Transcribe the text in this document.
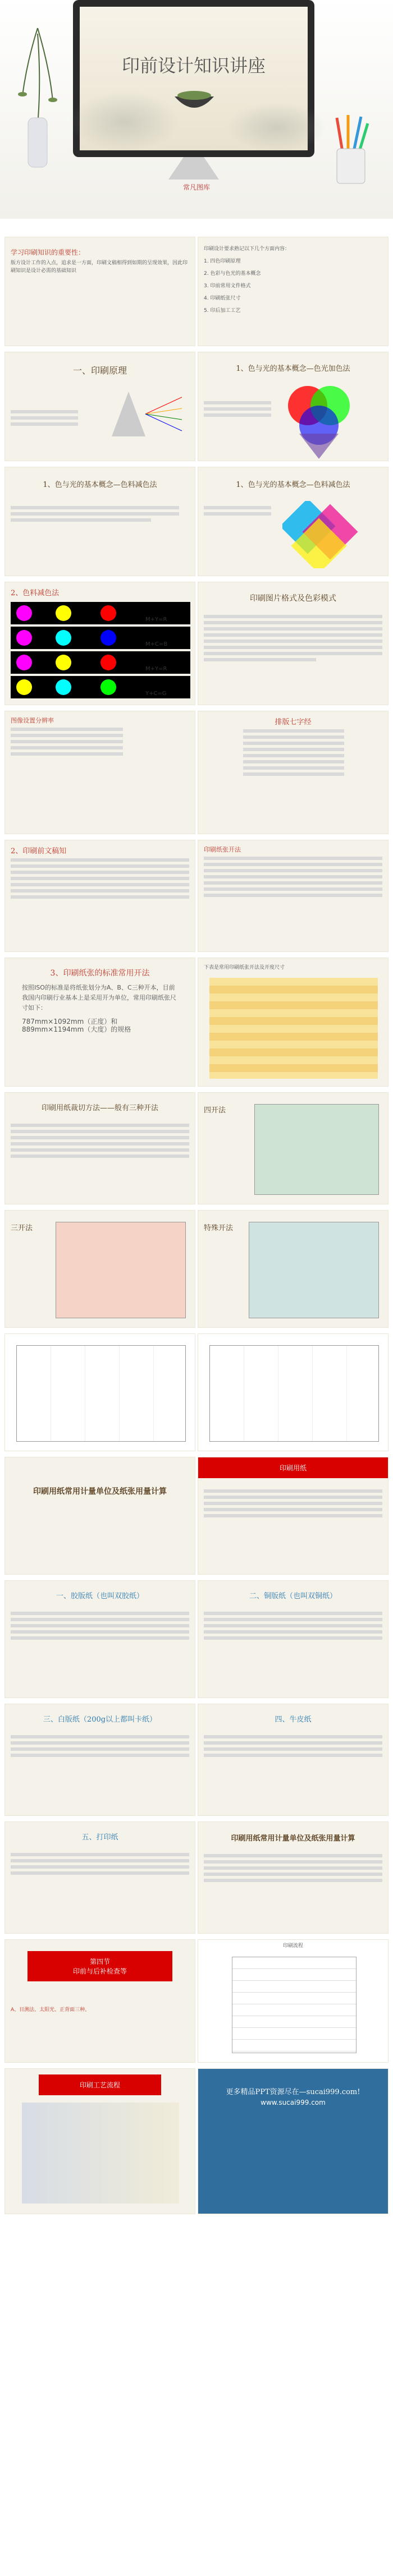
印前设计知识讲座
常凡图库
学习印刷知识的重要性：
版方设计工作的入点，追求是一方面，印刷文稿相得到如期的呈现效果，因此印刷知识是设计必需的基础知识
印刷设计要求熟记以下几个方面内容：
1. 四色印刷原理
2. 色彩与色光的基本概念
3. 印前常用文件格式
4. 印刷纸张尺寸
5. 印后加工工艺
一、印刷原理	1、色与光的基本概念—色光加色法
1、色与光的基本概念—色料减色法	1、色与光的基本概念—色料减色法
2、色料减色法
M+Y=R
M+C=B
M+Y=R
Y+C=G
印刷图片格式及色彩模式
图像设置分辨率	排版七字经
2、印刷前文稿知	印刷纸张开法
3、印刷纸张的标准常用开法
按照ISO的标准是将纸张划分为A、B、C三种开本，目前我国内印刷行业基本上是采用开为单位，常用印刷纸张尺寸如下：
787mm×1092mm（正度）和
889mm×1194mm（大度）的规格
下表是常用印刷纸张开法及开度尺寸
印刷用纸裁切方法——般有三种开法	四开法
三开法	特殊开法
印刷用纸常用计量单位及纸张用量计算
印刷用纸
一、胶版纸（也叫双胶纸）	二、铜版纸（也叫双铜纸）
三、白版纸（200g以上都叫卡纸）	四、牛皮纸
五、打印纸	印刷用纸常用计量单位及纸张用量计算
第四节
印前与后补检查等
A、目测法、太阳光、正背面三种。
印刷流程
印刷工艺流程
更多精品PPT资源尽在—sucai999.com!
www.sucai999.com
